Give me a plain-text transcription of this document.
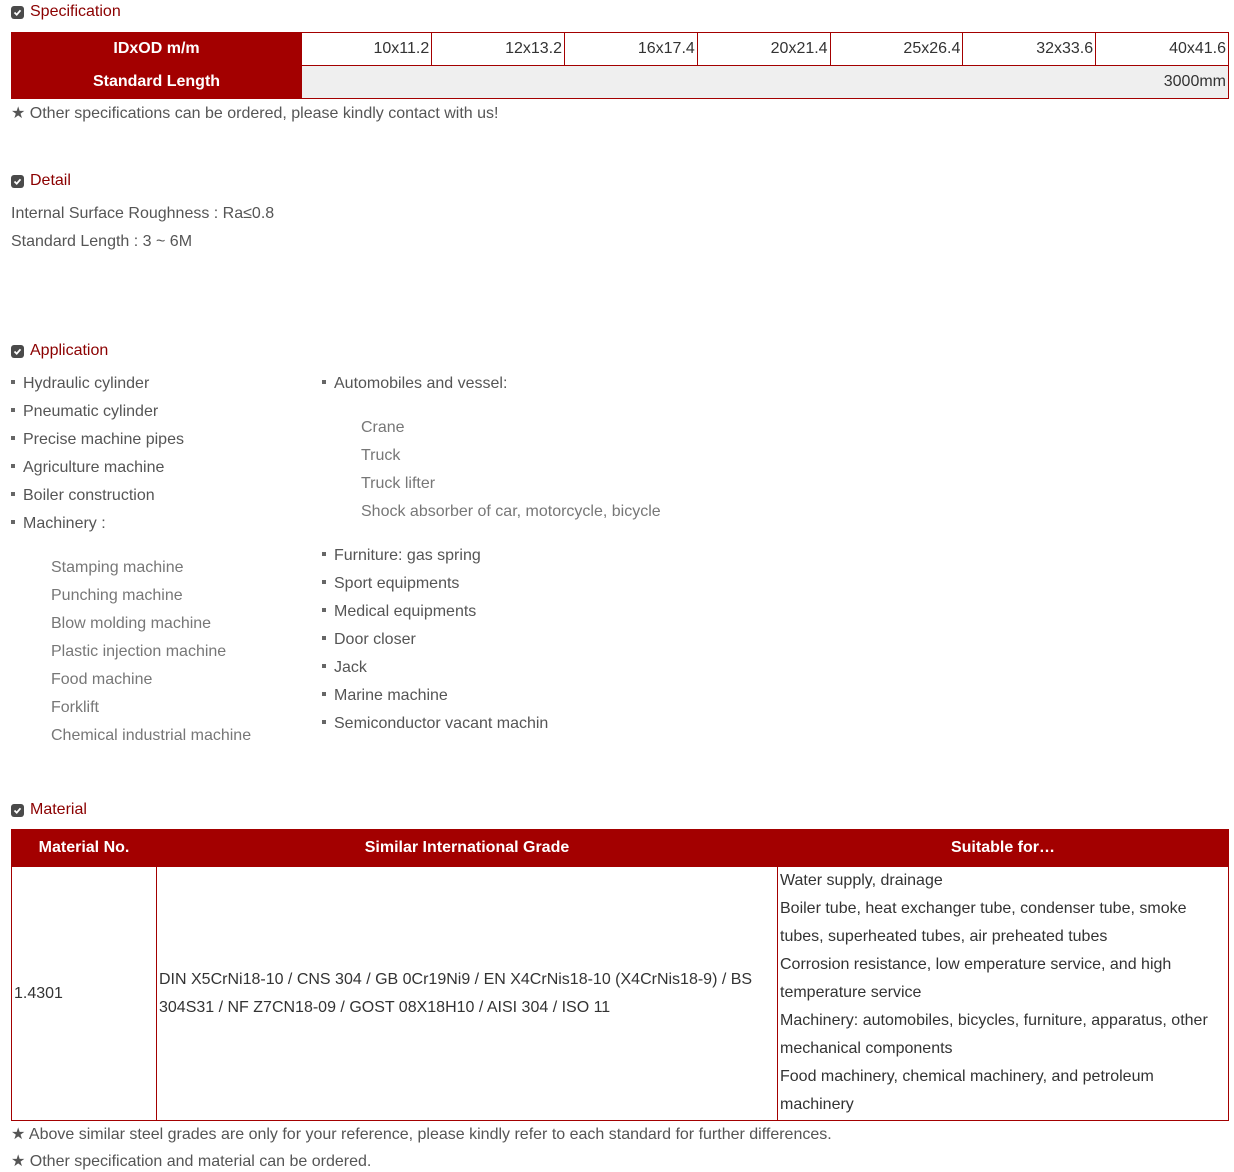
Specification
IDxOD m/m	10x11.2	12x13.2	16x17.4	20x21.4	25x26.4	32x33.6	40x41.6
Standard Length	3000mm						
★ Other specifications can be ordered, please kindly contact with us!
Detail
Internal Surface Roughness : Ra≤0.8
Standard Length : 3 ~ 6M
Application
Hydraulic cylinder
Pneumatic cylinder
Precise machine pipes
Agriculture machine
Boiler construction
Machinery :
Stamping machine
Punching machine
Blow molding machine
Plastic injection machine
Food machine
Forklift
Chemical industrial machine
Automobiles and vessel:
Crane
Truck
Truck lifter
Shock absorber of car, motorcycle, bicycle
Furniture: gas spring
Sport equipments
Medical equipments
Door closer
Jack
Marine machine
Semiconductor vacant machin
Material
Material No.	Similar International Grade	Suitable for…
1.4301	DIN X5CrNi18-10 / CNS 304 / GB 0Cr19Ni9 / EN X4CrNis18-10 (X4CrNis18-9) / BS 304S31 / NF Z7CN18-09 / GOST 08X18H10 / AISI 304 / ISO 11	Water supply, drainage
Boiler tube, heat exchanger tube, condenser tube, smoke tubes, superheated tubes, air preheated tubes
Corrosion resistance, low emperature service, and high temperature service
Machinery: automobiles, bicycles, furniture, apparatus, other mechanical components
Food machinery, chemical machinery, and petroleum machinery
★ Above similar steel grades are only for your reference, please kindly refer to each standard for further differences.
★ Other specification and material can be ordered.
